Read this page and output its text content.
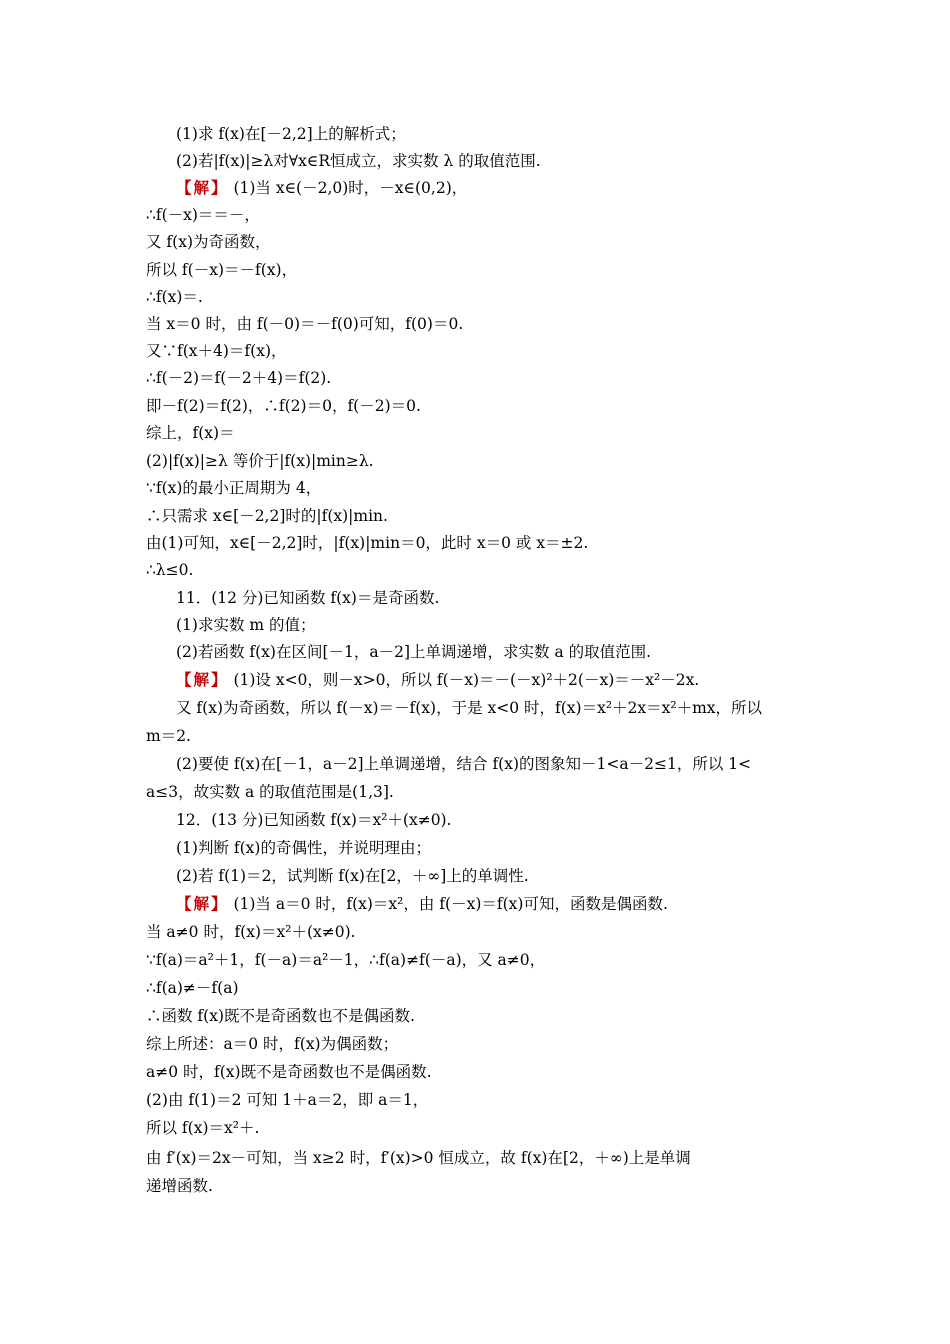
(1)求 f(x)在[－2,2]上的解析式；
(2)若|f(x)|≥λ对∀x∈R恒成立，求实数 λ 的取值范围.
【解】 (1)当 x∈(－2,0)时，－x∈(0,2)，
∴f(－x)＝＝－，
又 f(x)为奇函数，
所以 f(－x)＝－f(x)，
∴f(x)＝.
当 x＝0 时，由 f(－0)＝－f(0)可知，f(0)＝0.
又∵f(x＋4)＝f(x)，
∴f(－2)＝f(－2＋4)＝f(2).
即－f(2)＝f(2)，∴f(2)＝0，f(－2)＝0.
综上，f(x)＝
(2)|f(x)|≥λ 等价于|f(x)|min≥λ.
∵f(x)的最小正周期为 4，
∴只需求 x∈[－2,2]时的|f(x)|min.
由(1)可知，x∈[－2,2]时，|f(x)|min＝0，此时 x＝0 或 x＝±2.
∴λ≤0.
11．(12 分)已知函数 f(x)＝是奇函数.
(1)求实数 m 的值；
(2)若函数 f(x)在区间[－1，a－2]上单调递增，求实数 a 的取值范围.
【解】 (1)设 x<0，则－x>0，所以 f(－x)＝－(－x)²＋2(－x)＝－x²－2x.
又 f(x)为奇函数，所以 f(－x)＝－f(x)，于是 x<0 时，f(x)＝x²＋2x＝x²＋mx，所以
m＝2.
(2)要使 f(x)在[－1，a－2]上单调递增，结合 f(x)的图象知－1<a－2≤1，所以 1<
a≤3，故实数 a 的取值范围是(1,3].
12．(13 分)已知函数 f(x)＝x²＋(x≠0).
(1)判断 f(x)的奇偶性，并说明理由；
(2)若 f(1)＝2，试判断 f(x)在[2，＋∞]上的单调性.
【解】 (1)当 a＝0 时，f(x)＝x²，由 f(－x)＝f(x)可知，函数是偶函数.
当 a≠0 时，f(x)＝x²＋(x≠0).
∵f(a)＝a²＋1，f(－a)＝a²－1，∴f(a)≠f(－a)，又 a≠0，
∴f(a)≠－f(a)
∴函数 f(x)既不是奇函数也不是偶函数.
综上所述：a＝0 时，f(x)为偶函数；
a≠0 时，f(x)既不是奇函数也不是偶函数.
(2)由 f(1)＝2 可知 1＋a＝2，即 a＝1，
所以 f(x)＝x²＋.
由 f′(x)＝2x－可知，当 x≥2 时，f′(x)>0 恒成立，故 f(x)在[2，＋∞)上是单调
递增函数.
